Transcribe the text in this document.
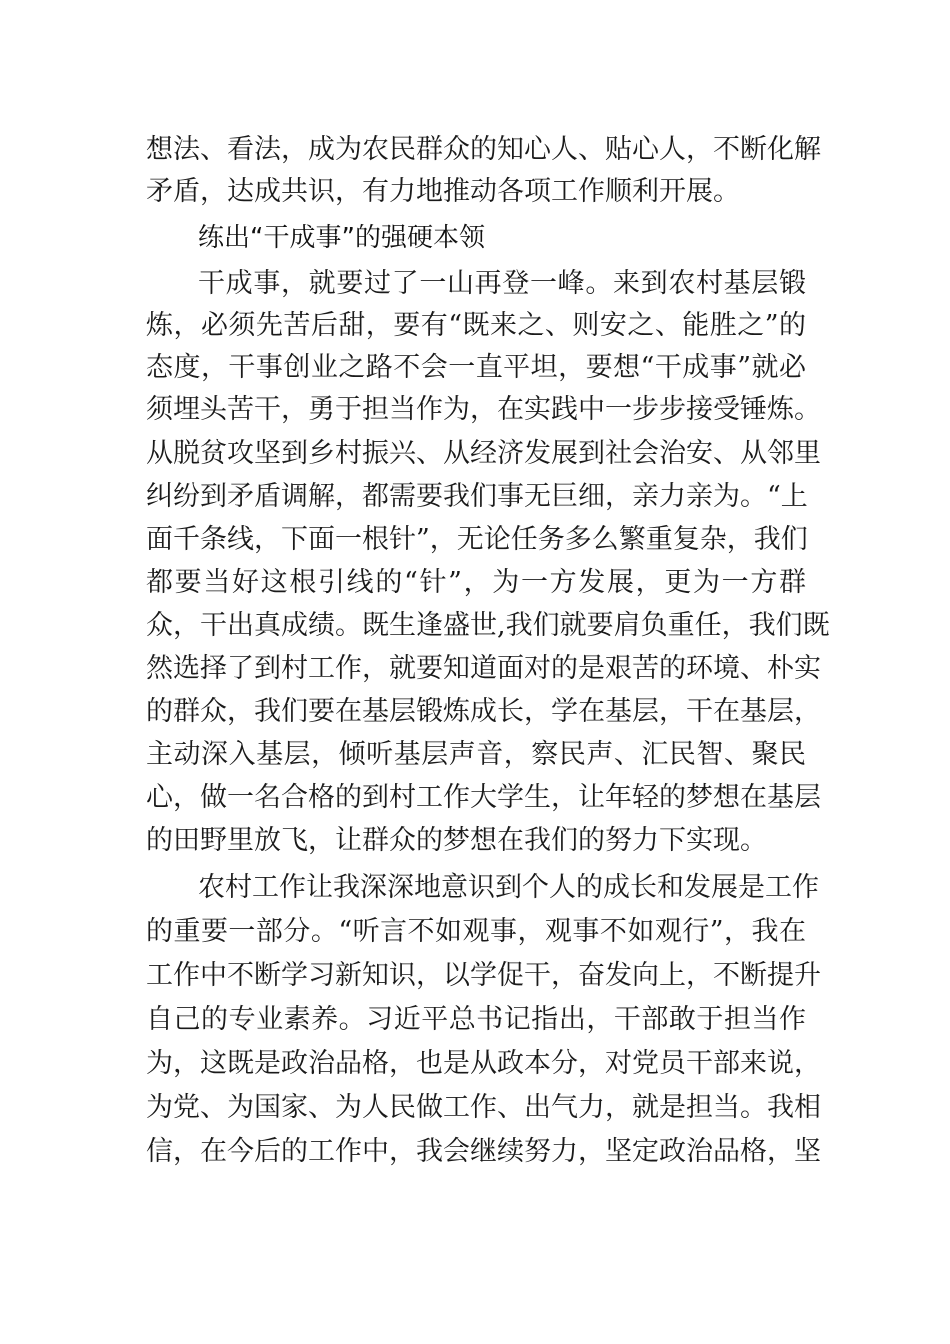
想法、看法，成为农民群众的知心人、贴心人，不断化解
矛盾，达成共识，有力地推动各项工作顺利开展。
练出“干成事”的强硬本领
干成事，就要过了一山再登一峰。来到农村基层锻
炼，必须先苦后甜，要有“既来之、则安之、能胜之”的
态度，干事创业之路不会一直平坦，要想“干成事”就必
须埋头苦干，勇于担当作为，在实践中一步步接受锤炼。
从脱贫攻坚到乡村振兴、从经济发展到社会治安、从邻里
纠纷到矛盾调解，都需要我们事无巨细，亲力亲为。“上
面千条线，下面一根针”，无论任务多么繁重复杂，我们
都要当好这根引线的“针”，为一方发展，更为一方群
众，干出真成绩。既生逢盛世,我们就要肩负重任，我们既
然选择了到村工作，就要知道面对的是艰苦的环境、朴实
的群众，我们要在基层锻炼成长，学在基层，干在基层，
主动深入基层，倾听基层声音，察民声、汇民智、聚民
心，做一名合格的到村工作大学生，让年轻的梦想在基层
的田野里放飞，让群众的梦想在我们的努力下实现。
农村工作让我深深地意识到个人的成长和发展是工作
的重要一部分。“听言不如观事，观事不如观行”，我在
工作中不断学习新知识，以学促干，奋发向上，不断提升
自己的专业素养。习近平总书记指出，干部敢于担当作
为，这既是政治品格，也是从政本分，对党员干部来说，
为党、为国家、为人民做工作、出气力，就是担当。我相
信，在今后的工作中，我会继续努力，坚定政治品格，坚
